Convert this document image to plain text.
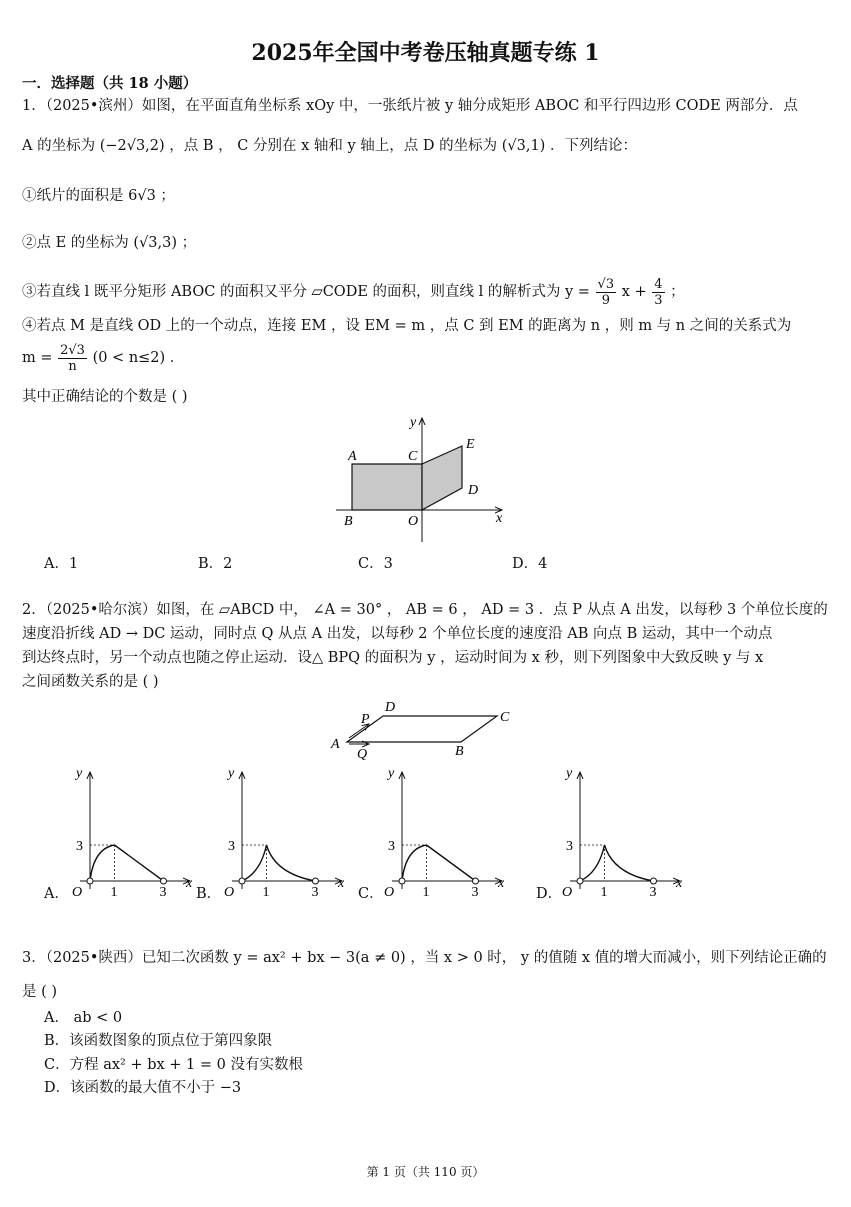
2025年全国中考卷压轴真题专练 1
一．选择题（共 18 小题）
1．（2025•滨州）如图，在平面直角坐标系 xOy 中，一张纸片被 y 轴分成矩形 ABOC 和平行四边形 CODE 两部分．点
A 的坐标为 (−2√3,2) ，点 B ， C 分别在 x 轴和 y 轴上，点 D 的坐标为 (√3,1) ．下列结论：
①纸片的面积是 6√3 ；
②点 E 的坐标为 (√3,3) ；
③若直线 l 既平分矩形 ABOC 的面积又平分 ▱CODE 的面积，则直线 l 的解析式为 $y = \frac{√3}{9}$ $x + \frac{4}{3}$ ；
④若点 M 是直线 OD 上的一个动点，连接 EM ，设 EM = m ，点 C 到 EM 的距离为 n ，则 m 与 n 之间的关系式为
$m = \frac{2√3}{n} (0 < n\le 2)$ ．
其中正确结论的个数是 ( )
y
x
A	C
E
D
B	O
A．1	B．2	C．3	D．4
2．（2025•哈尔滨）如图，在 ▱ABCD 中， ∠A = 30° ， AB = 6 ， AD = 3 ．点 P 从点 A 出发，以每秒 3 个单位长度的
速度沿折线 AD → DC 运动，同时点 Q 从点 A 出发，以每秒 2 个单位长度的速度沿 AB 向点 B 运动，其中一个动点
到达终点时，另一个动点也随之停止运动．设△ BPQ 的面积为 y ，运动时间为 x 秒，则下列图象中大致反映 y 与 x
之间函数关系的是 ( )
P
D
C
A
Q	B
y
x
O 1	3
3
y
x
O 1	3
3
y
x
O 1	3
3
y
x
O 1	3
3
A．	B．	C．	D．
3．（2025•陕西）已知二次函数 y = ax² + bx − 3(a ≠ 0) ，当 x > 0 时， y 的值随 x 值的增大而减小，则下列结论正确的
是 ( )
A． ab < 0
B．该函数图象的顶点位于第四象限
C．方程 ax² + bx + 1 = 0 没有实数根
D．该函数的最大值不小于 −3
第 1 页（共 110 页）
